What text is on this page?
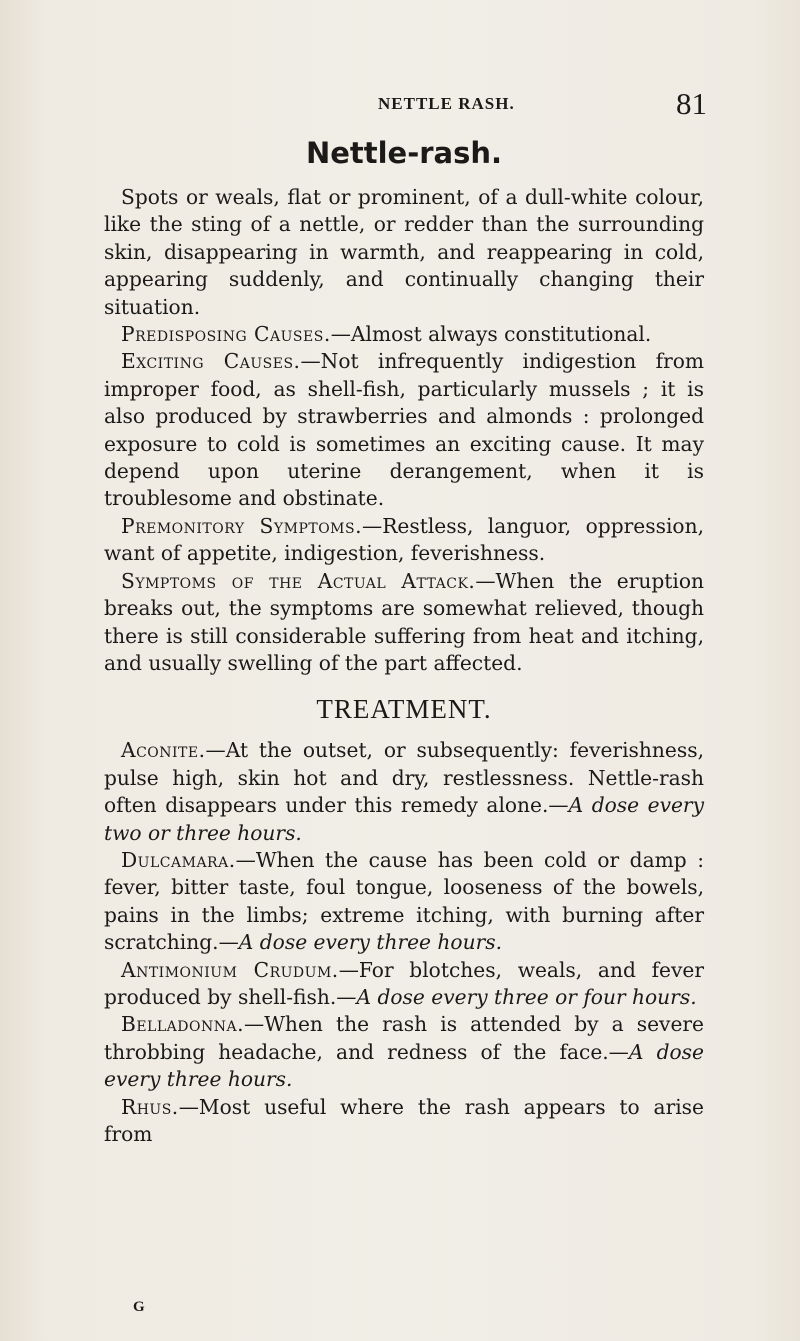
NETTLE RASH.	81
Nettle-rash.

Spots or weals, flat or prominent, of a dull-white colour, like the sting of a nettle, or redder than the surrounding skin, disappearing in warmth, and reappearing in cold, appearing suddenly, and continually changing their situation.

Predisposing Causes.—Almost always constitutional.

Exciting Causes.—Not infrequently indigestion from improper food, as shell-fish, particularly mussels ; it is also produced by strawberries and almonds : prolonged exposure to cold is sometimes an exciting cause. It may depend upon uterine derangement, when it is troublesome and obstinate.

Premonitory Symptoms.—Restless, languor, oppression, want of appetite, indigestion, feverishness.

Symptoms of the Actual Attack.—When the eruption breaks out, the symptoms are somewhat relieved, though there is still considerable suffering from heat and itching, and usually swelling of the part affected.

TREATMENT.

Aconite.—At the outset, or subsequently: feverishness, pulse high, skin hot and dry, restlessness. Nettle-rash often disappears under this remedy alone.—A dose every two or three hours.

Dulcamara.—When the cause has been cold or damp : fever, bitter taste, foul tongue, looseness of the bowels, pains in the limbs; extreme itching, with burning after scratching.—A dose every three hours.

Antimonium Crudum.—For blotches, weals, and fever produced by shell-fish.—A dose every three or four hours.

Belladonna.—When the rash is attended by a severe throbbing headache, and redness of the face.—A dose every three hours.

Rhus.—Most useful where the rash appears to arise from

G
